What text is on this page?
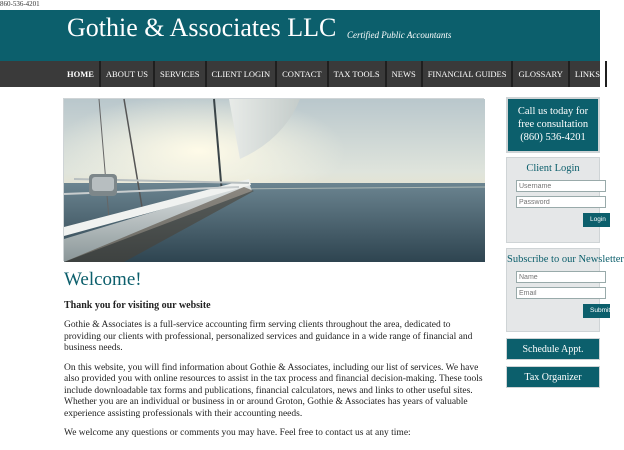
860-536-4201
Gothie & Associates LLC Certified Public Accountants
HOME	ABOUT US	SERVICES	CLIENT LOGIN	CONTACT	TAX TOOLS	NEWS	FINANCIAL GUIDES	GLOSSARY	LINKS
Welcome!
Thank you for visiting our website

Gothie & Associates is a full-service accounting firm serving clients throughout the area, dedicated to providing our clients with professional, personalized services and guidance in a wide range of financial and business needs.

On this website, you will find information about Gothie & Associates, including our list of services. We have also provided you with online resources to assist in the tax process and financial decision-making. These tools include downloadable tax forms and publications, financial calculators, news and links to other useful sites. Whether you are an individual or business in or around Groton, Gothie & Associates has years of valuable experience assisting professionals with their accounting needs.

We welcome any questions or comments you may have. Feel free to contact us at any time:

Call us today for
free consultation
(860) 536-4201
Client Login
Username
Login
Subscribe to our Newsletter
Name
Email
Submit
Schedule Appt.
Tax Organizer
